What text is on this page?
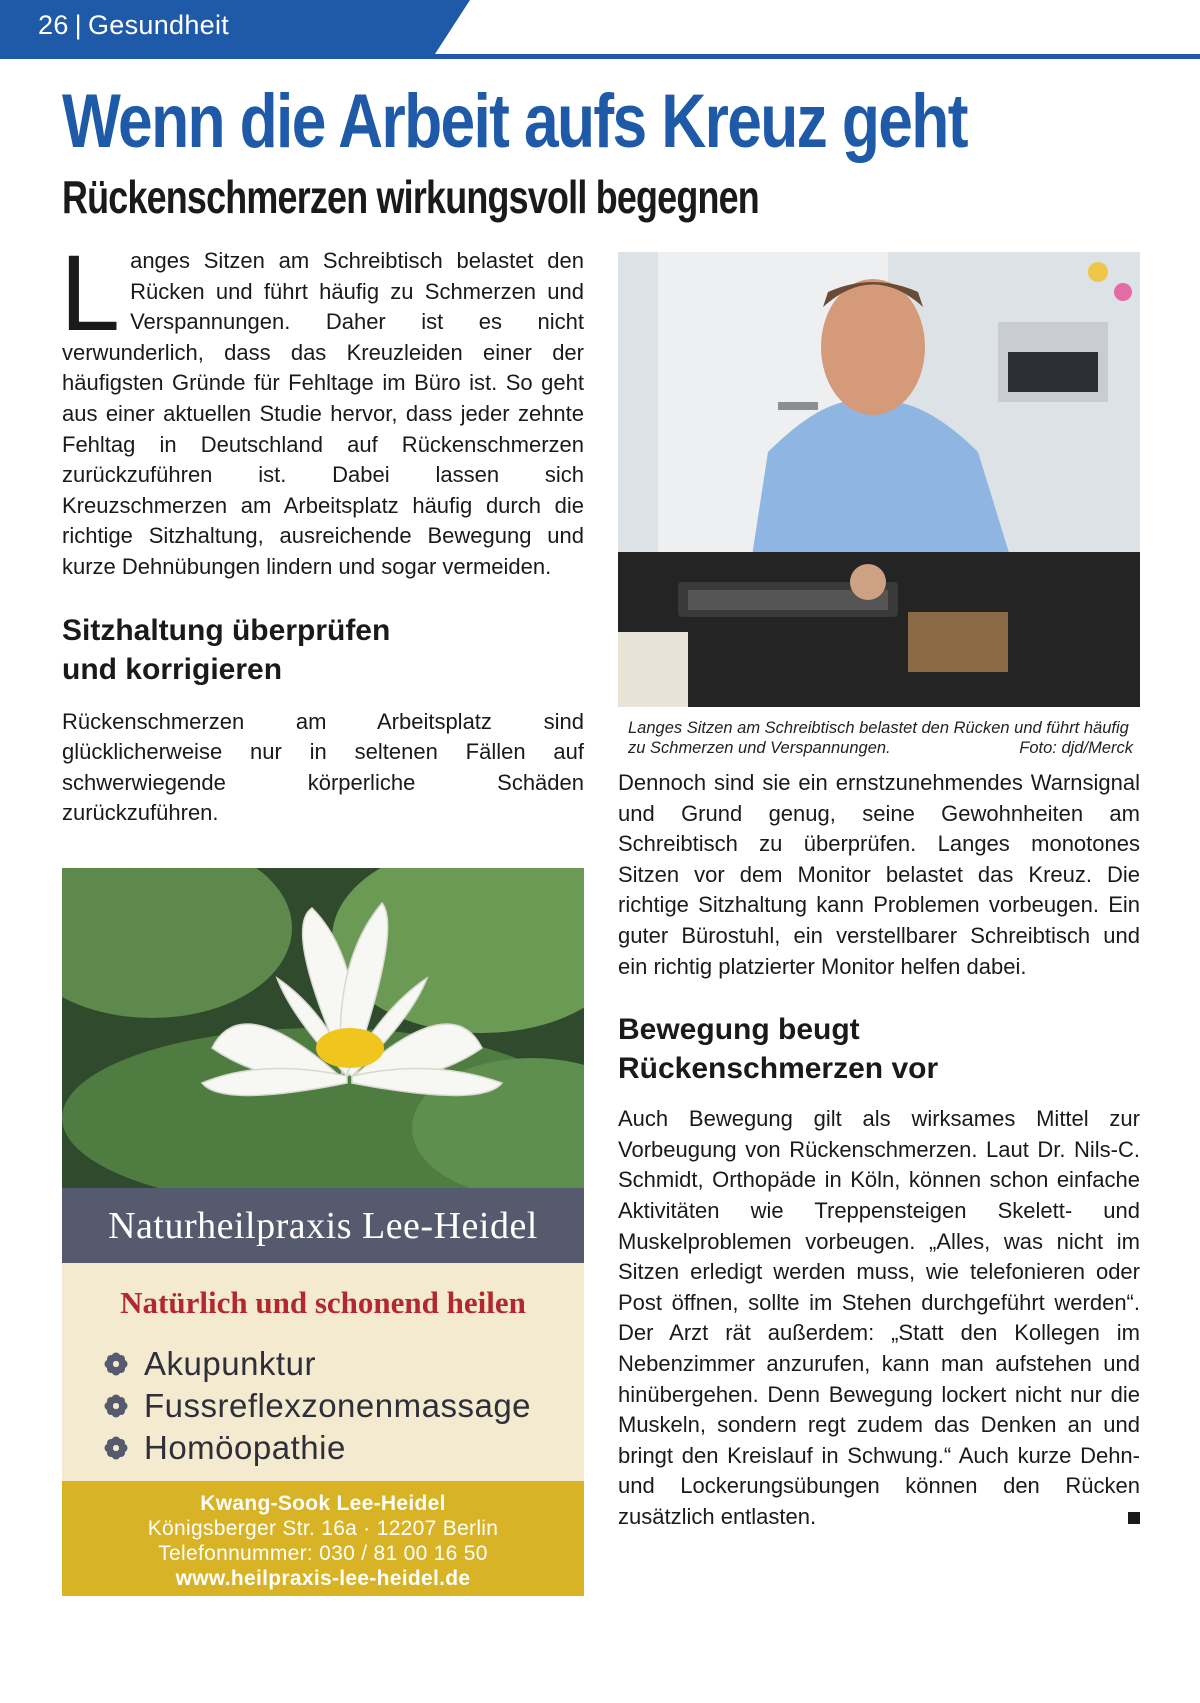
26 | Gesundheit
Wenn die Arbeit aufs Kreuz geht
Rückenschmerzen wirkungsvoll begegnen

Langes Sitzen am Schreibtisch belastet den Rücken und führt häufig zu Schmerzen und Verspannungen. Daher ist es nicht verwunderlich, dass das Kreuzleiden einer der häufigsten Gründe für Fehltage im Büro ist. So geht aus einer aktuellen Studie hervor, dass jeder zehnte Fehltag in Deutschland auf Rückenschmerzen zurückzuführen ist. Dabei lassen sich Kreuzschmerzen am Arbeitsplatz häufig durch die richtige Sitzhaltung, ausreichende Bewegung und kurze Dehnübungen lindern und sogar vermeiden.

Sitzhaltung überprüfen und korrigieren

Rückenschmerzen am Arbeitsplatz sind glücklicherweise nur in seltenen Fällen auf schwerwiegende körperliche Schäden zurückzuführen.

Langes Sitzen am Schreibtisch belastet den Rücken und führt häufig zu Schmerzen und Verspannungen.	Foto: djd/Merck

Dennoch sind sie ein ernstzunehmendes Warnsignal und Grund genug, seine Gewohnheiten am Schreibtisch zu überprüfen. Langes monotones Sitzen vor dem Monitor belastet das Kreuz. Die richtige Sitzhaltung kann Problemen vorbeugen. Ein guter Bürostuhl, ein verstellbarer Schreibtisch und ein richtig platzierter Monitor helfen dabei.

Bewegung beugt Rückenschmerzen vor

Auch Bewegung gilt als wirksames Mittel zur Vorbeugung von Rückenschmerzen. Laut Dr. Nils-C. Schmidt, Orthopäde in Köln, können schon einfache Aktivitäten wie Treppensteigen Skelett- und Muskelproblemen vorbeugen. „Alles, was nicht im Sitzen erledigt werden muss, wie telefonieren oder Post öffnen, sollte im Stehen durchgeführt werden“. Der Arzt rät außerdem: „Statt den Kollegen im Nebenzimmer anzurufen, kann man aufstehen und hinübergehen. Denn Bewegung lockert nicht nur die Muskeln, sondern regt zudem das Denken an und bringt den Kreislauf in Schwung.“ Auch kurze Dehn- und Lockerungsübungen können den Rücken zusätzlich entlasten.

Naturheilpraxis Lee-Heidel
Natürlich und schonend heilen
Akupunktur
Fussreflexzonenmassage
Homöopathie
Kwang-Sook Lee-Heidel
Königsberger Str. 16a · 12207 Berlin
Telefonnummer: 030 / 81 00 16 50
www.heilpraxis-lee-heidel.de
